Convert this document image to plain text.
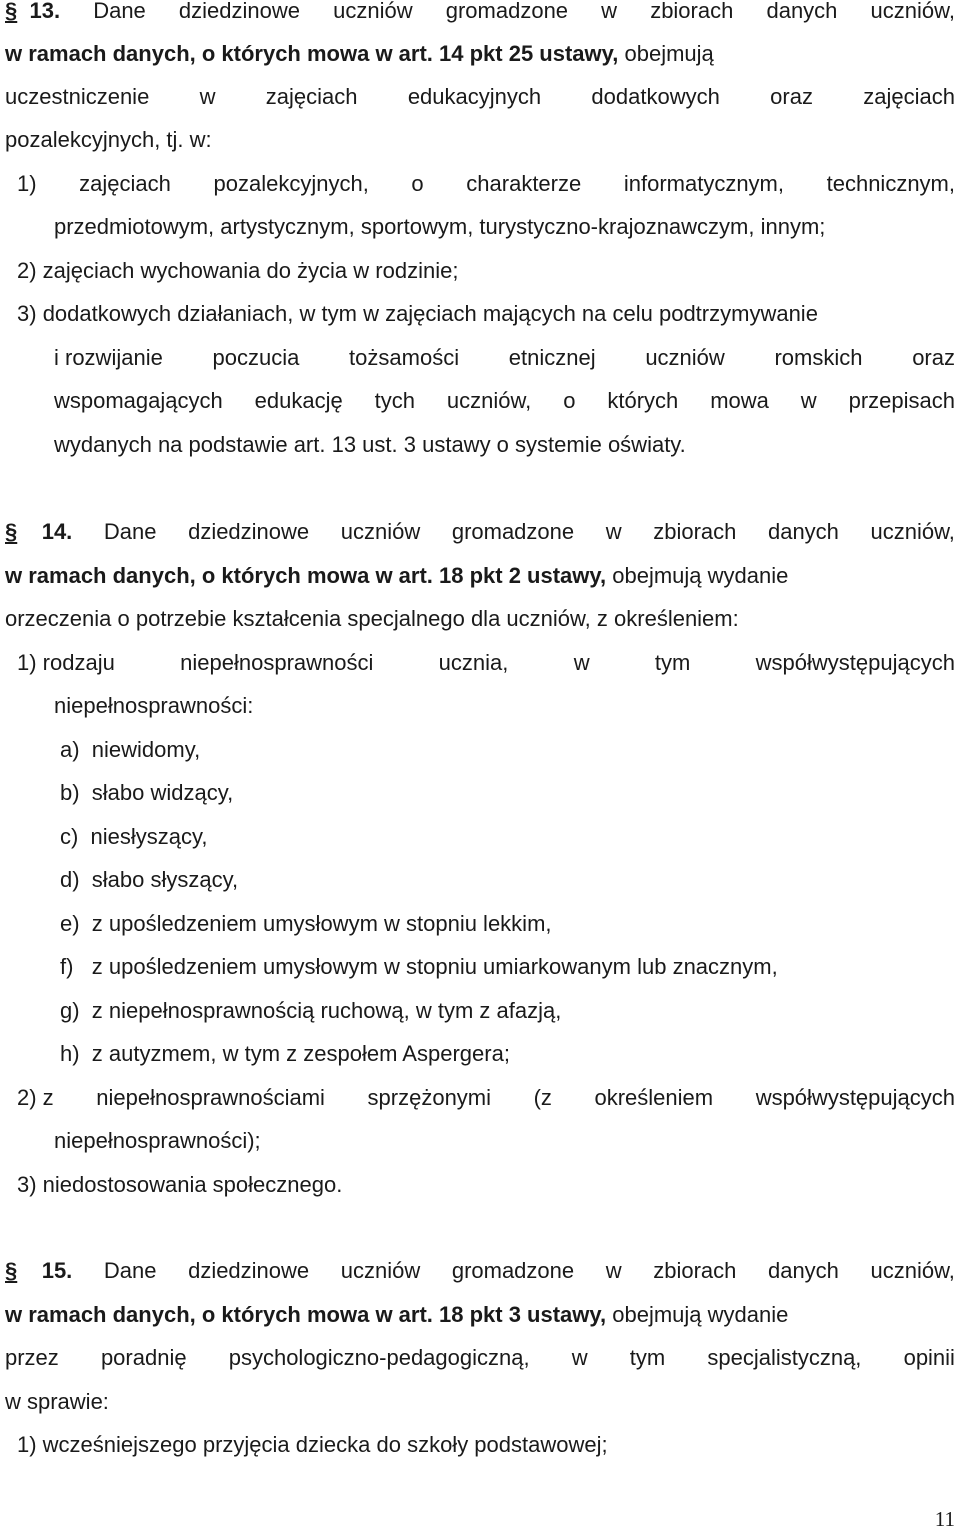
§ 13. Dane dziedzinowe uczniów gromadzone w zbiorach danych uczniów,
w ramach danych, o których mowa w art. 14 pkt 25 ustawy, obejmują
uczestniczenie w zajęciach edukacyjnych dodatkowych oraz zajęciach
pozalekcyjnych, tj. w:
1) zajęciach pozalekcyjnych, o charakterze informatycznym, technicznym,
przedmiotowym, artystycznym, sportowym, turystyczno-krajoznawczym, innym;
2) zajęciach wychowania do życia w rodzinie;
3) dodatkowych działaniach, w tym w zajęciach mających na celu podtrzymywanie
i rozwijanie poczucia tożsamości etnicznej uczniów romskich oraz
wspomagających edukację tych uczniów, o których mowa w przepisach
wydanych na podstawie art. 13 ust. 3 ustawy o systemie oświaty.
§ 14. Dane dziedzinowe uczniów gromadzone w zbiorach danych uczniów,
w ramach danych, o których mowa w art. 18 pkt 2 ustawy, obejmują wydanie
orzeczenia o potrzebie kształcenia specjalnego dla uczniów, z określeniem:
1) rodzaju	niepełnosprawności	ucznia,	w	tym	współwystępujących
niepełnosprawności:
a)  niewidomy,
b)  słabo widzący,
c)  niesłyszący,
d)  słabo słyszący,
e)  z upośledzeniem umysłowym w stopniu lekkim,
f)   z upośledzeniem umysłowym w stopniu umiarkowanym lub znacznym,
g)  z niepełnosprawnością ruchową, w tym z afazją,
h)  z autyzmem, w tym z zespołem Aspergera;
2) z niepełnosprawnościami sprzężonymi (z określeniem współwystępujących
niepełnosprawności);
3) niedostosowania społecznego.
§ 15. Dane dziedzinowe uczniów gromadzone w zbiorach danych uczniów,
w ramach danych, o których mowa w art. 18 pkt 3 ustawy, obejmują wydanie
przez poradnię psychologiczno-pedagogiczną, w tym specjalistyczną, opinii
w sprawie:
1) wcześniejszego przyjęcia dziecka do szkoły podstawowej;
11
